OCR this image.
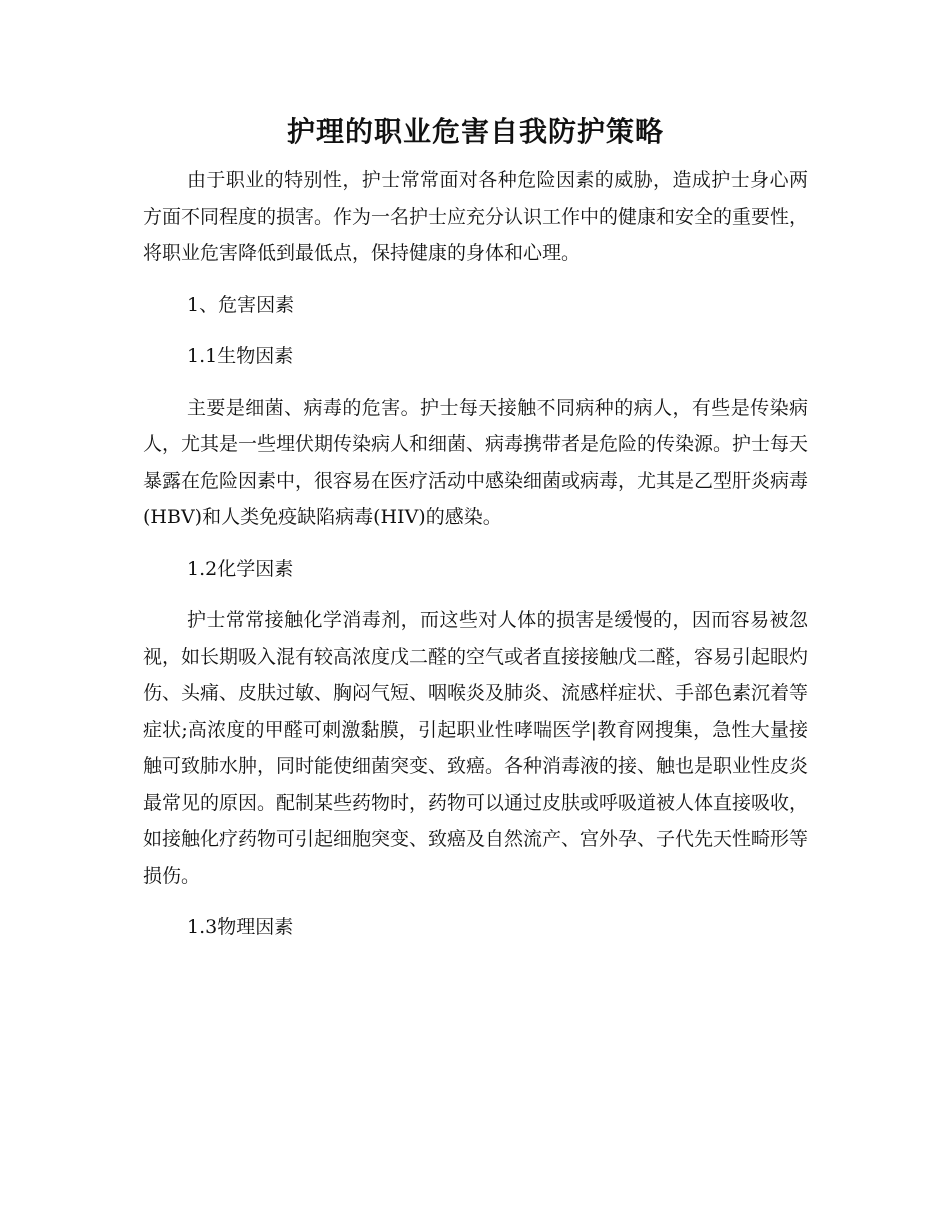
护理的职业危害自我防护策略

由于职业的特别性，护士常常面对各种危险因素的威胁，造成护士身心两方面不同程度的损害。作为一名护士应充分认识工作中的健康和安全的重要性，将职业危害降低到最低点，保持健康的身体和心理。

1、危害因素

1.1生物因素

主要是细菌、病毒的危害。护士每天接触不同病种的病人，有些是传染病人，尤其是一些埋伏期传染病人和细菌、病毒携带者是危险的传染源。护士每天暴露在危险因素中，很容易在医疗活动中感染细菌或病毒，尤其是乙型肝炎病毒(HBV)和人类免疫缺陷病毒(HIV)的感染。

1.2化学因素

护士常常接触化学消毒剂，而这些对人体的损害是缓慢的，因而容易被忽视，如长期吸入混有较高浓度戊二醛的空气或者直接接触戊二醛，容易引起眼灼伤、头痛、皮肤过敏、胸闷气短、咽喉炎及肺炎、流感样症状、手部色素沉着等症状;高浓度的甲醛可刺激黏膜，引起职业性哮喘医学|教育网搜集，急性大量接触可致肺水肿，同时能使细菌突变、致癌。各种消毒液的接、触也是职业性皮炎最常见的原因。配制某些药物时，药物可以通过皮肤或呼吸道被人体直接吸收，如接触化疗药物可引起细胞突变、致癌及自然流产、宫外孕、子代先天性畸形等损伤。

1.3物理因素
